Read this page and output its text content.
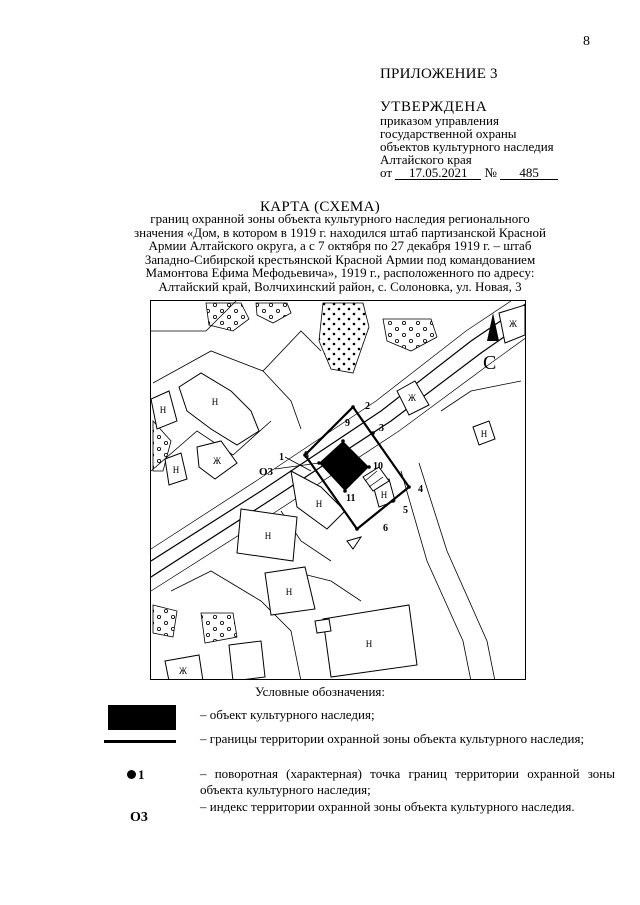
8
ПРИЛОЖЕНИЕ 3
УТВЕРЖДЕНА
приказом управления
государственной охраны
объектов культурного наследия
Алтайского края
от 17.05.2021 № 485
КАРТА (СХЕМА)
границ охранной зоны объекта культурного наследия регионального
значения «Дом, в котором в 1919 г. находился штаб партизанской Красной
Армии Алтайского округа, а с 7 октября по 27 декабря 1919 г. – штаб
Западно-Сибирской крестьянской Красной Армии под командованием
Мамонтова Ефима Мефодьевича», 1919 г., расположенного по адресу:
Алтайский край, Волчихинский район, с. Солоновка, ул. Новая, 3
Н
Н
Ж
Н
Ж
Н
Ж
Н
Н
Н
Н
Ж
Н
С
1
2
3
4
5
6
8
9
10
11
О3
Условные обозначения:
– объект культурного наследия;
– границы территории охранной зоны объекта культурного наследия;
1	– поворотная (характерная) точка границ территории охранной зоны объекта культурного наследия;
О3
– индекс территории охранной зоны объекта культурного наследия.
